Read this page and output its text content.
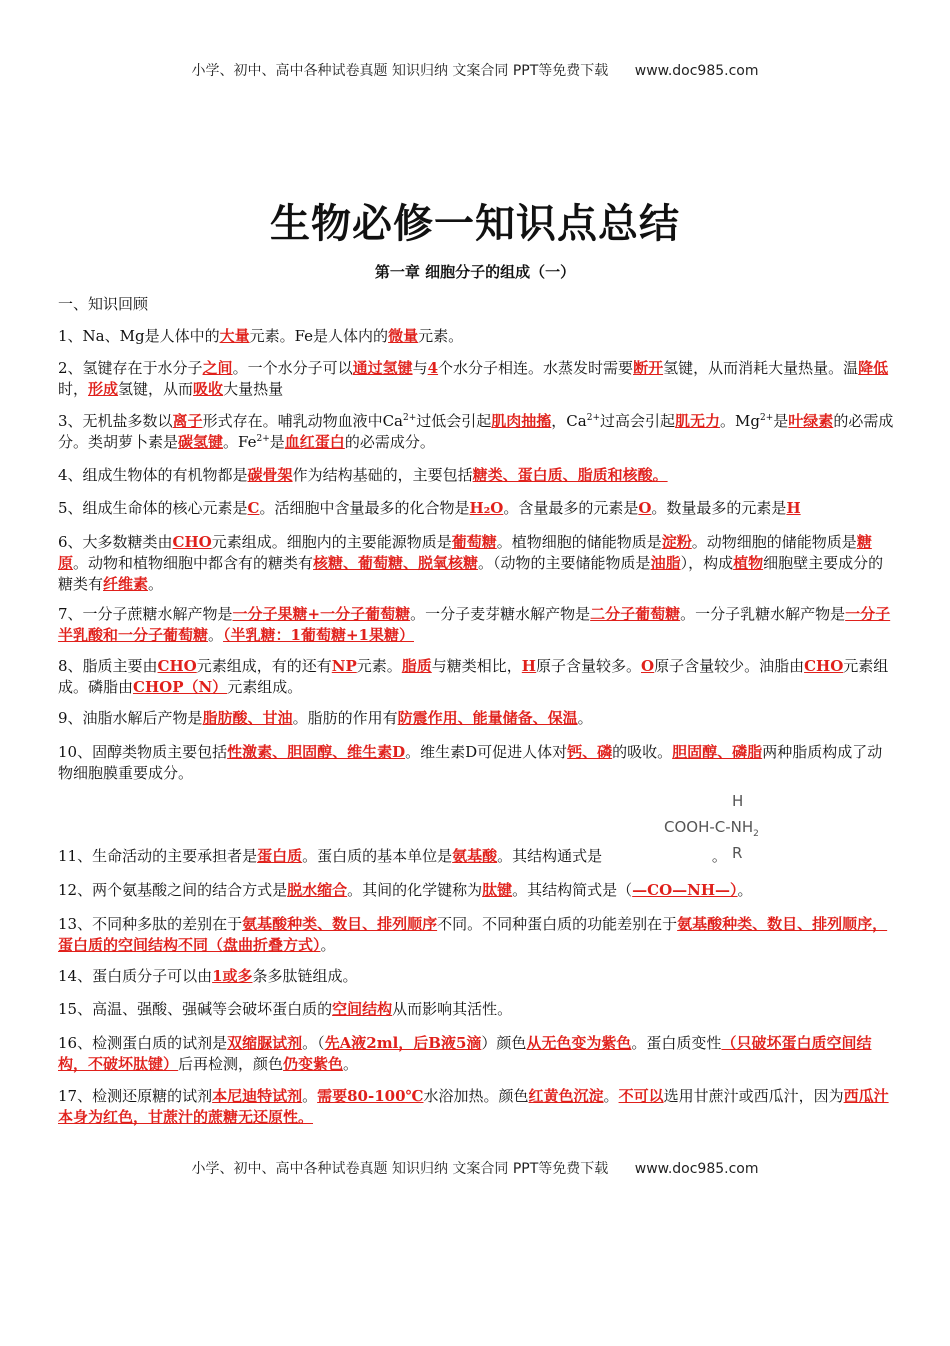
小学、初中、高中各种试卷真题 知识归纳 文案合同 PPT等免费下载 www.doc985.com
生物必修一知识点总结
第一章 细胞分子的组成（一）
一、知识回顾

1、Na、Mg是人体中的大量元素。Fe是人体内的微量元素。

2、氢键存在于水分子之间。一个水分子可以通过氢键与4个水分子相连。水蒸发时需要断开氢键，从而消耗大量热量。温降低时，形成氢键，从而吸收大量热量

3、无机盐多数以离子形式存在。哺乳动物血液中$Ca^{2+}$过低会引起肌肉抽搐，$Ca^{2+}$过高会引起肌无力。$Mg^{2+}$是叶绿素的必需成分。类胡萝卜素是碳氢键。$Fe^{2+}$是血红蛋白的必需成分。

4、组成生物体的有机物都是碳骨架作为结构基础的，主要包括糖类、蛋白质、脂质和核酸。

5、组成生命体的核心元素是C。活细胞中含量最多的化合物是H₂O。含量最多的元素是O。数量最多的元素是H

6、大多数糖类由CHO元素组成。细胞内的主要能源物质是葡萄糖。植物细胞的储能物质是淀粉。动物细胞的储能物质是糖原。动物和植物细胞中都含有的糖类有核糖、葡萄糖、脱氧核糖。（动物的主要储能物质是油脂），构成植物细胞壁主要成分的糖类有纤维素。

7、一分子蔗糖水解产物是一分子果糖+一分子葡萄糖。一分子麦芽糖水解产物是二分子葡萄糖。一分子乳糖水解产物是一分子半乳酸和一分子葡萄糖。（半乳糖：1葡萄糖+1果糖）

8、脂质主要由CHO元素组成，有的还有NP元素。脂质与糖类相比，H原子含量较多。O原子含量较少。油脂由CHO元素组成。磷脂由CHOP（N）元素组成。

9、油脂水解后产物是脂肪酸、甘油。脂肪的作用有防震作用、能量储备、保温。

10、固醇类物质主要包括性激素、胆固醇、维生素D。维生素D可促进人体对钙、磷的吸收。胆固醇、磷脂两种脂质构成了动物细胞膜重要成分。

11、生命活动的主要承担者是蛋白质。蛋白质的基本单位是氨基酸。其结构通式是	。

12、两个氨基酸之间的结合方式是脱水缩合。其间的化学键称为肽键。其结构简式是（—CO—NH—）。

13、不同种多肽的差别在于氨基酸种类、数目、排列顺序不同。不同种蛋白质的功能差别在于氨基酸种类、数目、排列顺序，蛋白质的空间结构不同（盘曲折叠方式）。

14、蛋白质分子可以由1或多条多肽链组成。

15、高温、强酸、强碱等会破坏蛋白质的空间结构从而影响其活性。

16、检测蛋白质的试剂是双缩脲试剂。（先A液2ml，后B液5滴）颜色从无色变为紫色。蛋白质变性（只破坏蛋白质空间结构，不破坏肽键）后再检测，颜色仍变紫色。

17、检测还原糖的试剂本尼迪特试剂。需要80-100℃水浴加热。颜色红黄色沉淀。不可以选用甘蔗汁或西瓜汁，因为西瓜汁本身为红色，甘蔗汁的蔗糖无还原性。

H
COOH-$C-NH_2$
R
小学、初中、高中各种试卷真题 知识归纳 文案合同 PPT等免费下载 www.doc985.com
